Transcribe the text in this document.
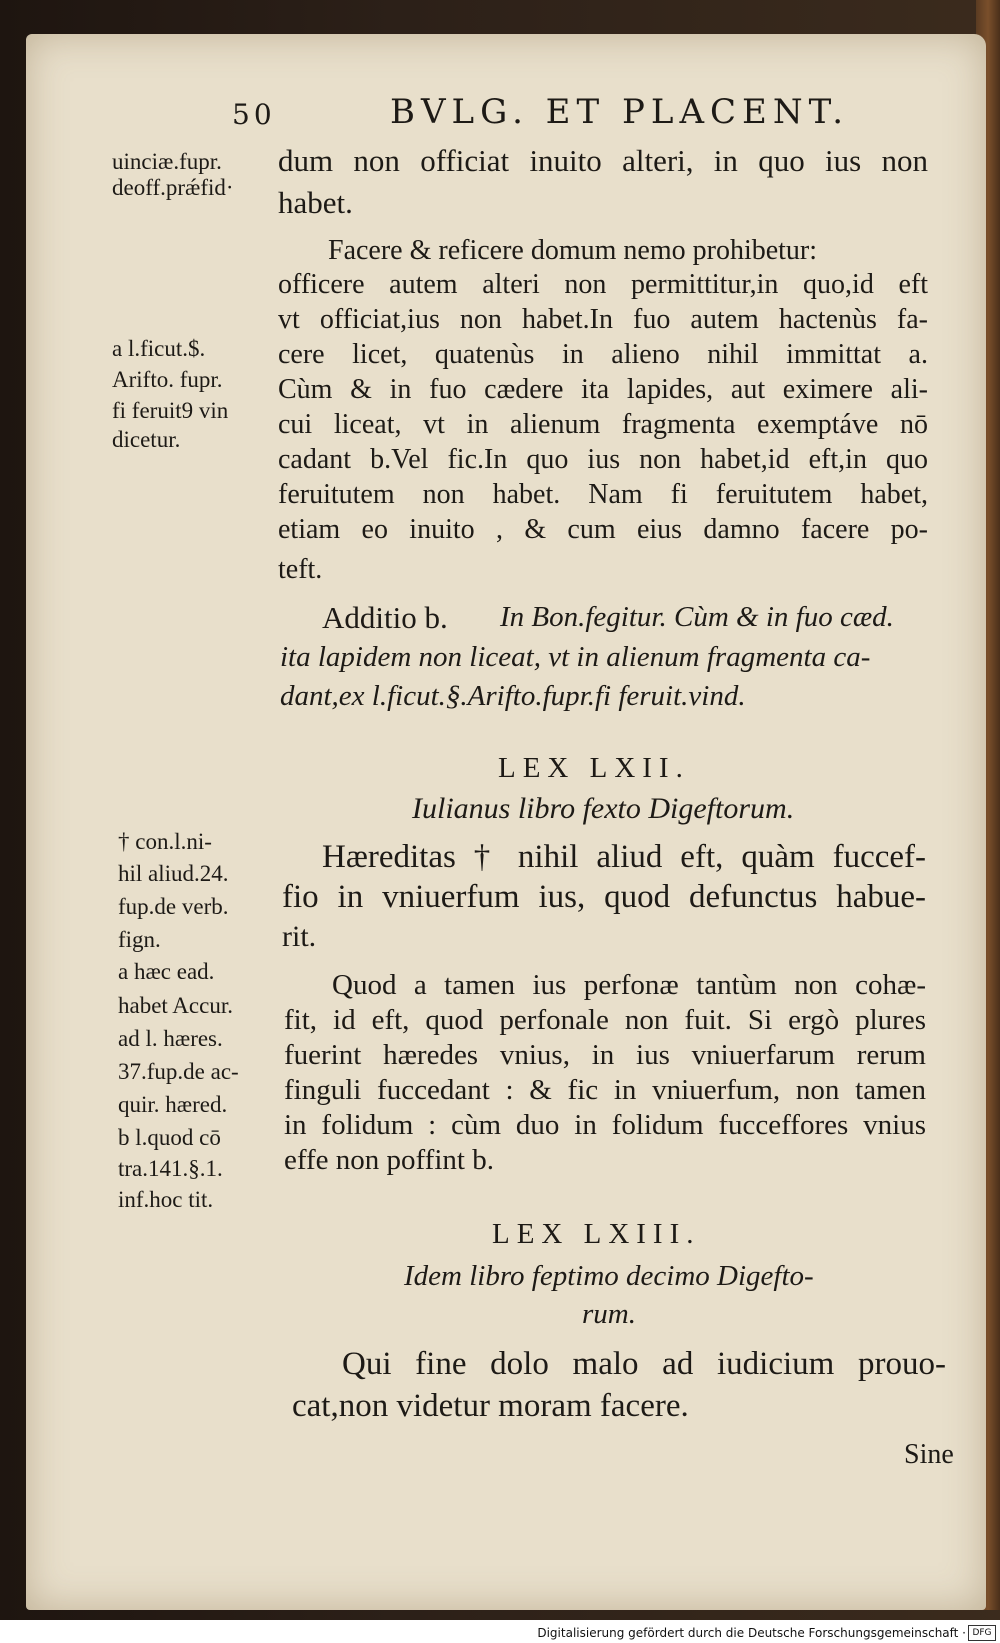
50	BVLG. ET PLACENT.
uinciæ.fupr.
deoff.prǽfid·
a l.ficut.$.
Arifto. fupr.
fi feruit9 vin
dicetur.
† con.l.ni-
hil aliud.24.
fup.de verb.
fign.
a hæc ead.
habet Accur.
ad l. hæres.
37.fup.de ac-
quir. hæred.
b l.quod cō
tra.141.§.1.
inf.hoc tit.
dum non officiat inuito alteri, in quo ius non
habet.
Facere & reficere domum nemo prohibetur:
officere autem alteri non permittitur,in quo,id eft
vt officiat,ius non habet.In fuo autem hactenùs fa-
cere licet, quatenùs in alieno nihil immittat a.
Cùm & in fuo cædere ita lapides, aut eximere ali-
cui liceat, vt in alienum fragmenta exemptáve nō
cadant b.Vel fic.In quo ius non habet,id eft,in quo
feruitutem non habet. Nam fi feruitutem habet,
etiam eo inuito , & cum eius damno facere po-
teft.
Additio b. In Bon.fegitur. Cùm & in fuo cæd.
ita lapidem non liceat, vt in alienum fragmenta ca-
dant,ex l.ficut.§.Arifto.fupr.fi feruit.vind.
LEX LXII.
Iulianus libro fexto Digeftorum.
Hæreditas † nihil aliud eft, quàm fuccef-
fio in vniuerfum ius, quod defunctus habue-
rit.
Quod a tamen ius perfonæ tantùm non cohæ-
fit, id eft, quod perfonale non fuit. Si ergò plures
fuerint hæredes vnius, in ius vniuerfarum rerum
finguli fuccedant : & fic in vniuerfum, non tamen
in folidum : cùm duo in folidum fucceffores vnius
effe non poffint b.
LEX LXIII.
Idem libro feptimo decimo Digefto-
rum.
Qui fine dolo malo ad iudicium prouo-
cat,non videtur moram facere.
Sine
Digitalisierung gefördert durch die Deutsche Forschungsgemeinschaft · DFG
